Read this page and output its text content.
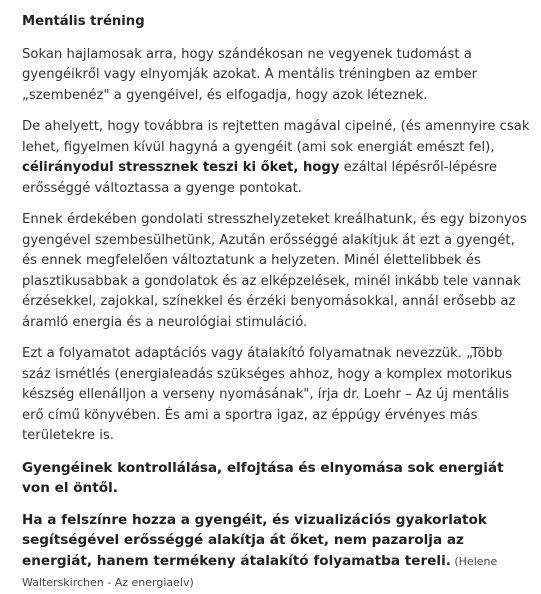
Mentális tréning

Sokan hajlamosak arra, hogy szándékosan ne vegyenek tudomást a gyengéikről vagy elnyomják azokat. A mentális tréningben az ember „szembenéz" a gyengéivel, és elfogadja, hogy azok léteznek.

De ahelyett, hogy továbbra is rejtetten magával cipelné, (és amennyire csak lehet, figyelmen kívül hagyná a gyengéit (ami sok energiát emészt fel), célirányodul stressznek teszi ki őket, hogy ezáltal lépésről-lépésre erősséggé változtassa a gyenge pontokat.

Ennek érdekében gondolati stresszhelyzeteket kreálhatunk, és egy bizonyos gyengével szembesülhetünk, Azután erősséggé alakítjuk át ezt a gyengét, és ennek megfelelően változtatunk a helyzeten. Minél élettelibbek és plasztikusabbak a gondolatok és az elképzelések, minél inkább tele vannak érzésekkel, zajokkal, színekkel és érzéki benyomásokkal, annál erősebb az áramló energia és a neurológiai stimuláció.

Ezt a folyamatot adaptációs vagy átalakító folyamatnak nevezzük. „Több száz ismétlés (energialeadás szükséges ahhoz, hogy a komplex motorikus készség ellenálljon a verseny nyomásának", írja dr. Loehr – Az új mentális erő című könyvében. És ami a sportra igaz, az éppúgy érvényes más területekre is.

Gyengéinek kontrollálása, elfojtása és elnyomása sok energiát von el öntől.

Ha a felszínre hozza a gyengéit, és vizualizációs gyakorlatok segítségével erősséggé alakítja át őket, nem pazarolja az energiát, hanem termékeny átalakító folyamatba tereli. (Helene Walterskirchen - Az energiaelv)
